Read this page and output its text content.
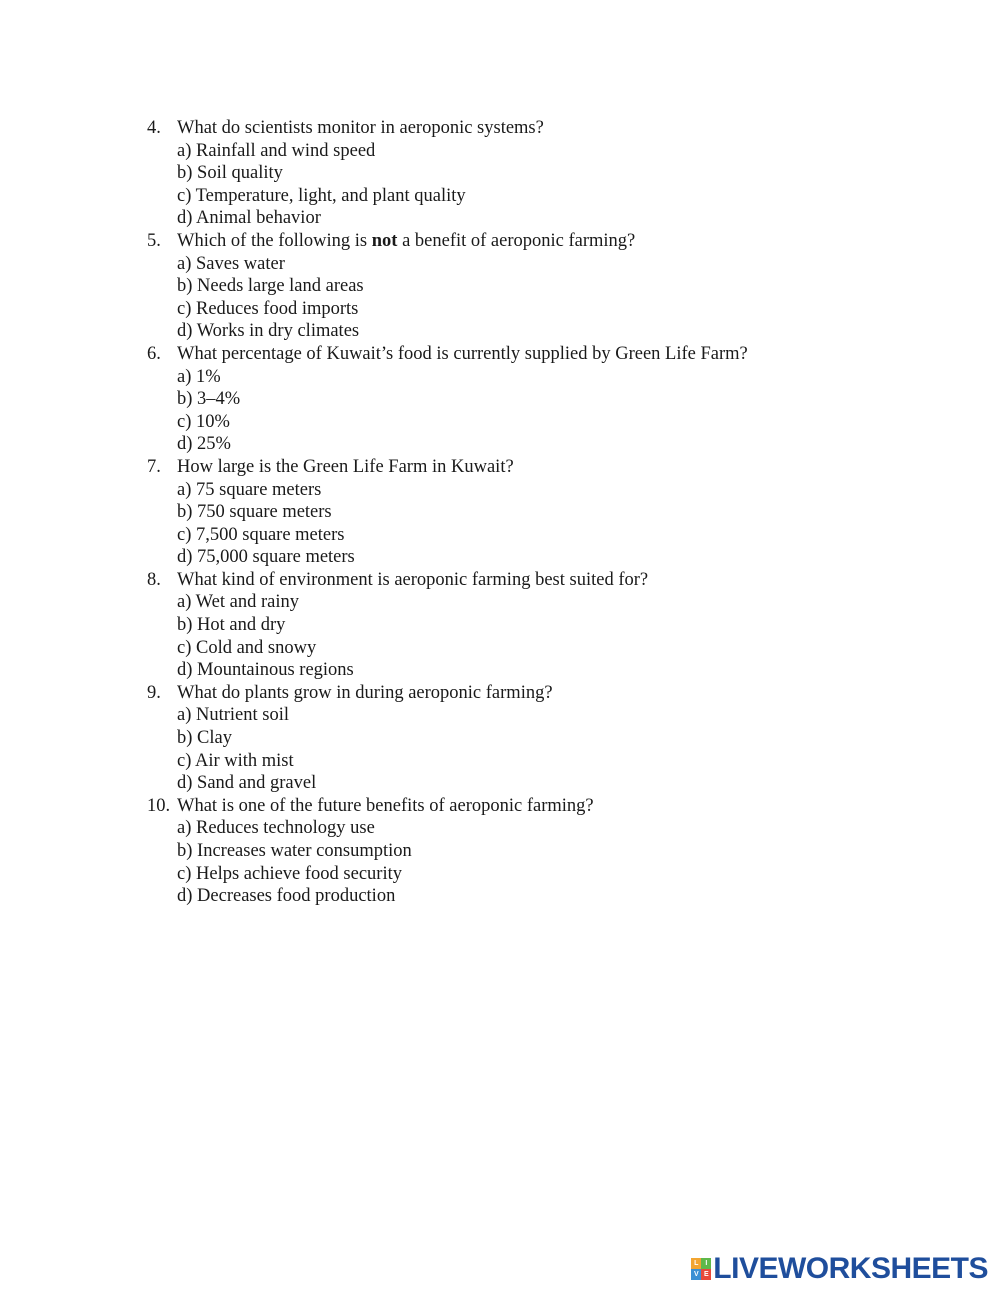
4. What do scientists monitor in aeroponic systems?
a) Rainfall and wind speed
b) Soil quality
c) Temperature, light, and plant quality
d) Animal behavior
5. Which of the following is not a benefit of aeroponic farming?
a) Saves water
b) Needs large land areas
c) Reduces food imports
d) Works in dry climates
6. What percentage of Kuwait’s food is currently supplied by Green Life Farm?
a) 1%
b) 3–4%
c) 10%
d) 25%
7. How large is the Green Life Farm in Kuwait?
a) 75 square meters
b) 750 square meters
c) 7,500 square meters
d) 75,000 square meters
8. What kind of environment is aeroponic farming best suited for?
a) Wet and rainy
b) Hot and dry
c) Cold and snowy
d) Mountainous regions
9. What do plants grow in during aeroponic farming?
a) Nutrient soil
b) Clay
c) Air with mist
d) Sand and gravel
10. What is one of the future benefits of aeroponic farming?
a) Reduces technology use
b) Increases water consumption
c) Helps achieve food security
d) Decreases food production
L I
V E LIVEWORKSHEETS
